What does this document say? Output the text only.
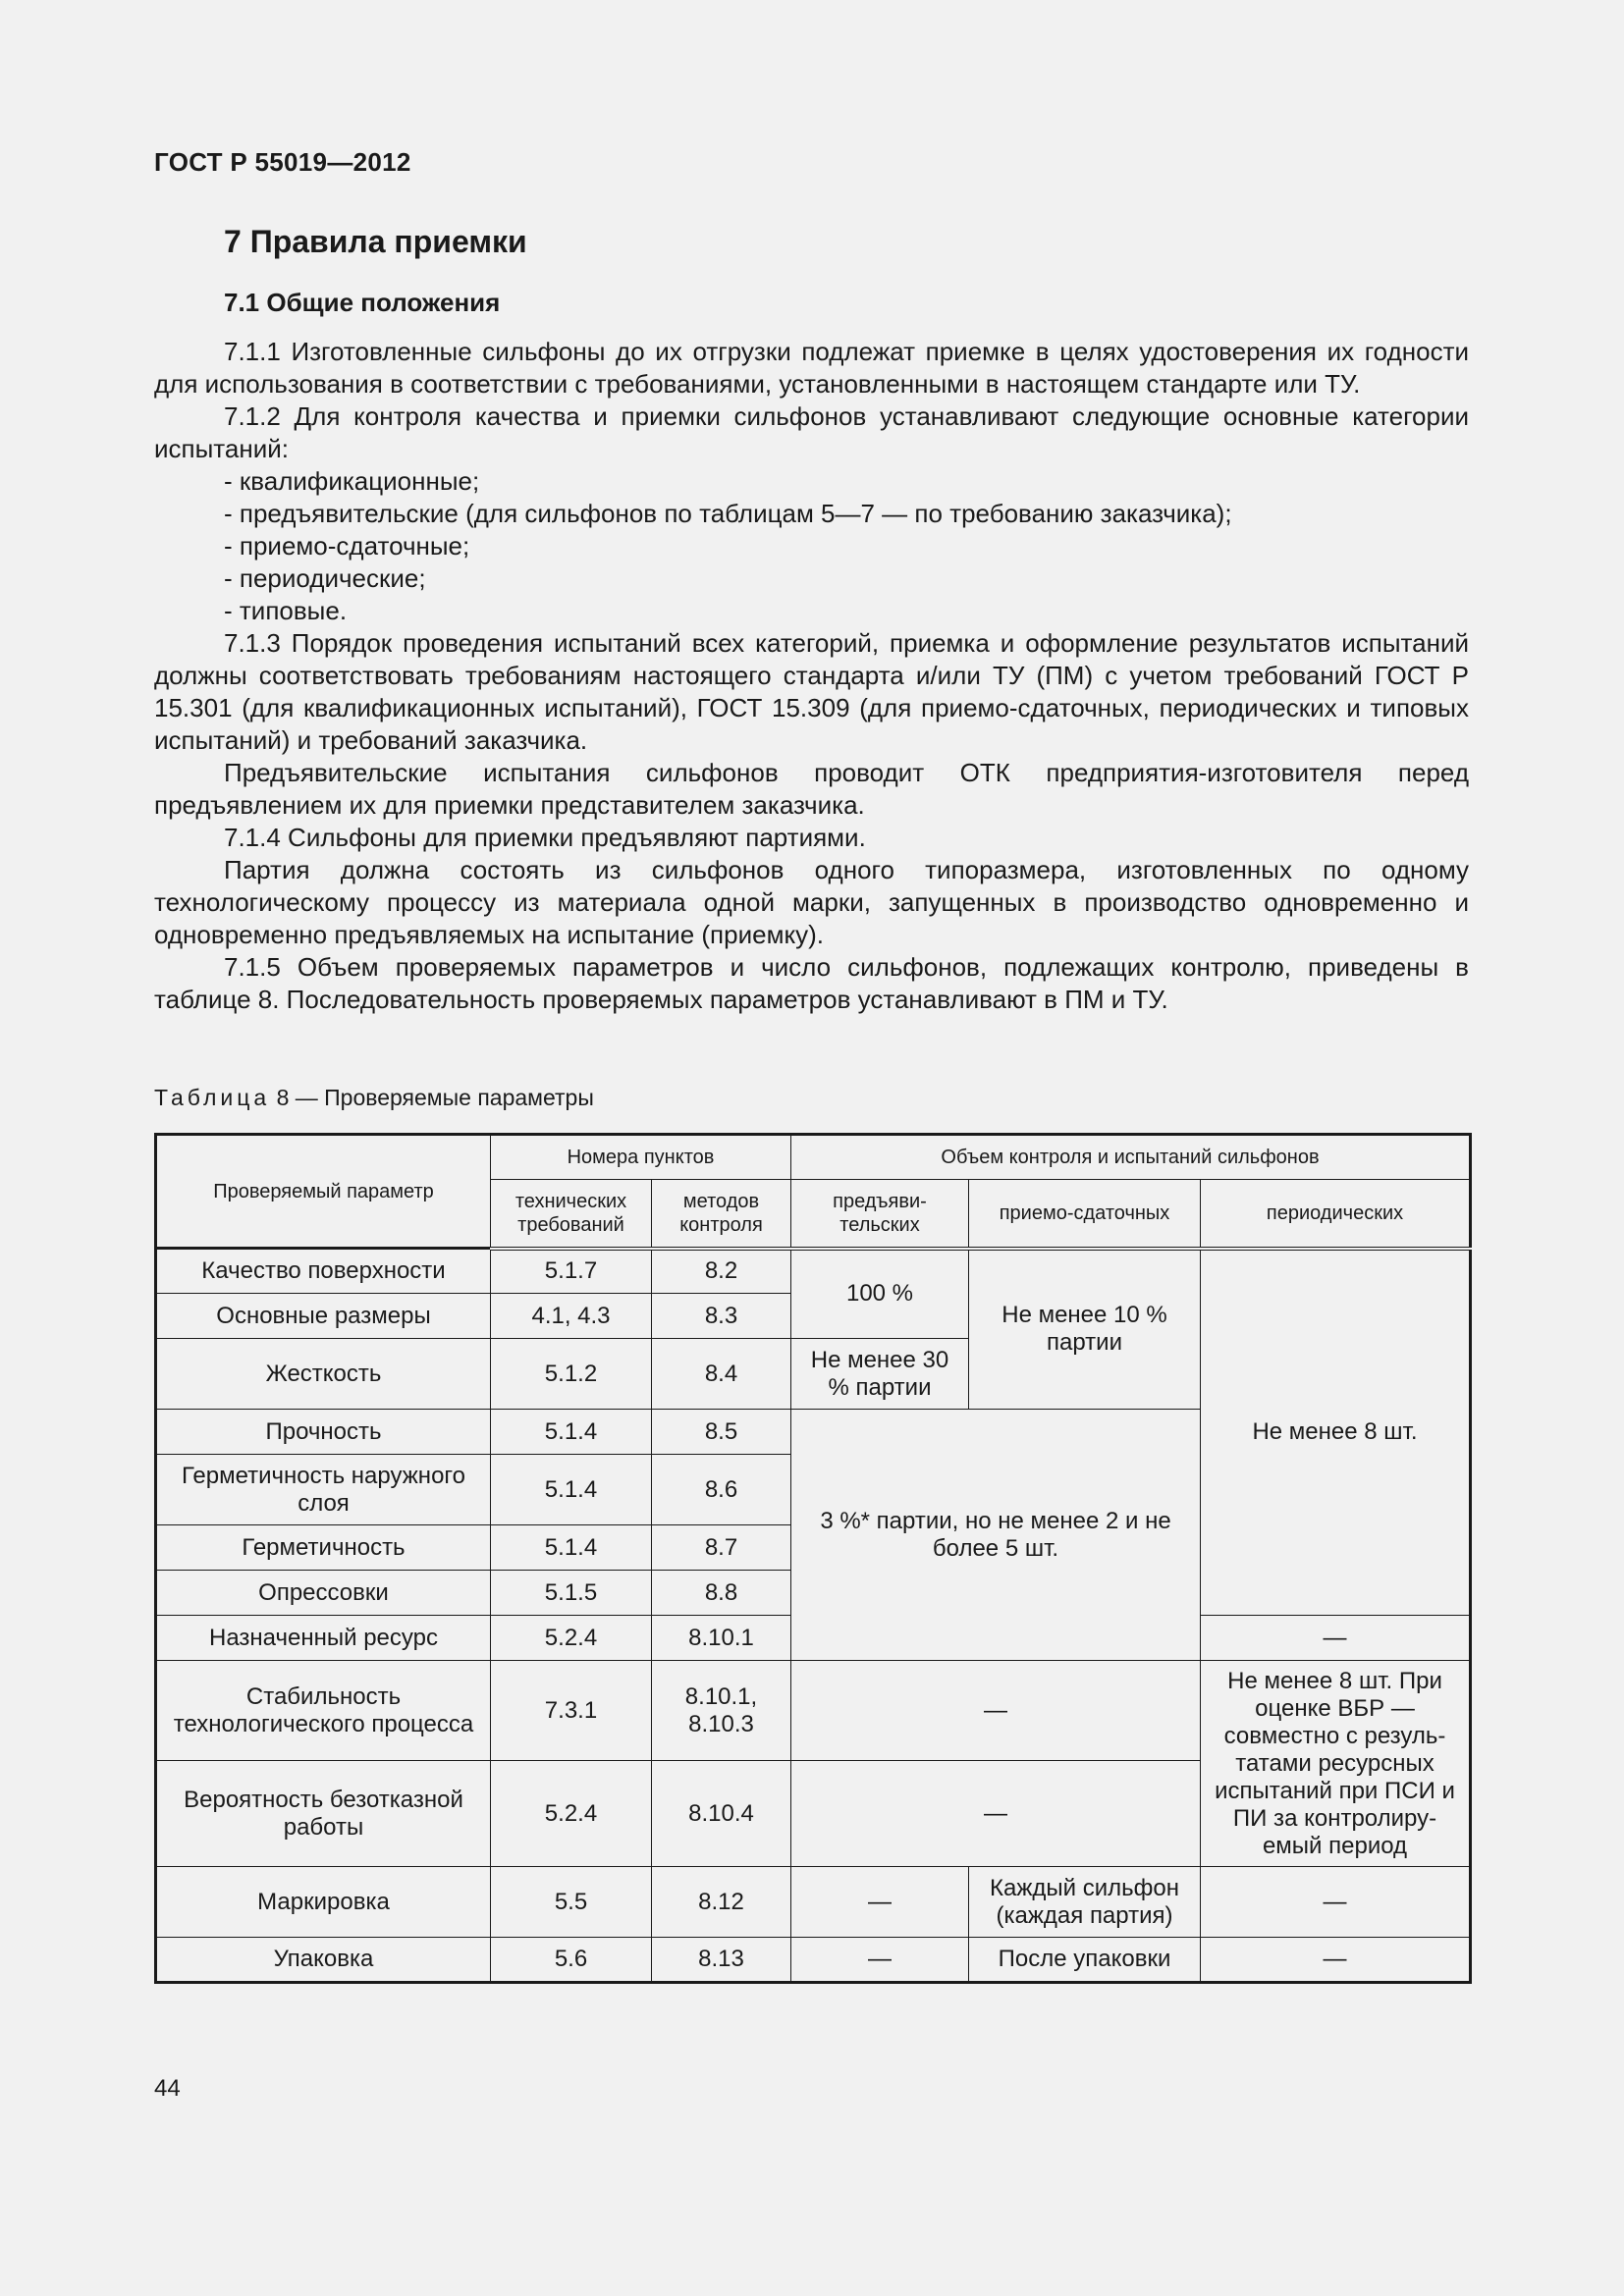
ГОСТ Р 55019—2012
7 Правила приемки
7.1 Общие положения

7.1.1 Изготовленные сильфоны до их отгрузки подлежат приемке в целях удостоверения их годности для использования в соответствии с требованиями, установленными в настоящем стандарте или ТУ.

7.1.2 Для контроля качества и приемки сильфонов устанавливают следующие основные категории испытаний:

- квалификационные;

- предъявительские (для сильфонов по таблицам 5—7 — по требованию заказчика);

- приемо-сдаточные;

- периодические;

- типовые.

7.1.3 Порядок проведения испытаний всех категорий, приемка и оформление результатов испытаний должны соответствовать требованиям настоящего стандарта и/или ТУ (ПМ) с учетом требований ГОСТ Р 15.301 (для квалификационных испытаний), ГОСТ 15.309 (для приемо-сдаточных, периодических и типовых испытаний) и требований заказчика.

Предъявительские испытания сильфонов проводит ОТК предприятия-изготовителя перед предъявлением их для приемки представителем заказчика.

7.1.4 Сильфоны для приемки предъявляют партиями.

Партия должна состоять из сильфонов одного типоразмера, изготовленных по одному технологическому процессу из материала одной марки, запущенных в производство одновременно и одновременно предъявляемых на испытание (приемку).

7.1.5 Объем проверяемых параметров и число сильфонов, подлежащих контролю, приведены в таблице 8. Последовательность проверяемых параметров устанавливают в ПМ и ТУ.

Таблица 8 — Проверяемые параметры
Проверяемый параметр	Номера пунктов		Объем контроля и испытаний сильфонов		
	технических требований	методов контроля	предъяви-тельских	приемо-сдаточных	периодических
Качество поверхности	5.1.7	8.2	100 %	Не менее 10 % партии	Не менее 8 шт.
Основные размеры	4.1, 4.3	8.3			
Жесткость	5.1.2	8.4	Не менее 30 % партии		
Прочность	5.1.4	8.5	3 %* партии, но не менее 2 и не более 5 шт.		
Герметичность наружного слоя	5.1.4	8.6			
Герметичность	5.1.4	8.7			
Опрессовки	5.1.5	8.8			
Назначенный ресурс	5.2.4	8.10.1			—
Стабильность технологического процесса	7.3.1	8.10.1, 8.10.3	—		Не менее 8 шт. При оценке ВБР — совместно с резуль-татами ресурсных испытаний при ПСИ и ПИ за контролиру-емый период
Вероятность безотказной работы	5.2.4	8.10.4	—		
Маркировка	5.5	8.12	—	Каждый сильфон (каждая партия)	—
Упаковка	5.6	8.13	—	После упаковки	—
44
